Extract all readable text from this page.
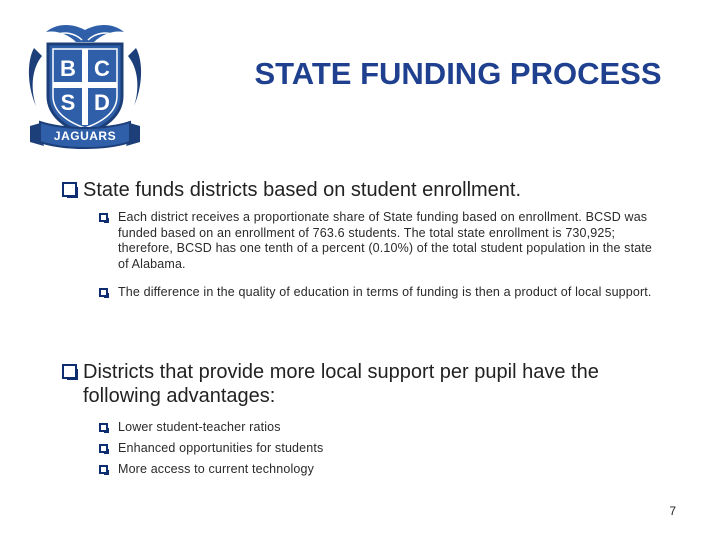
B C
S D
JAGUARS
STATE FUNDING PROCESS
State funds districts based on student enrollment.
Each district receives a proportionate share of State funding based on enrollment. BCSD was funded based on an enrollment of 763.6 students. The total state enrollment is 730,925; therefore, BCSD has one tenth of a percent (0.10%) of the total student population in the state of Alabama.
The difference in the quality of education in terms of funding is then a product of local support.
Districts that provide more local support per pupil have the following advantages:
Lower student-teacher ratios
Enhanced opportunities for students
More access to current technology
7
